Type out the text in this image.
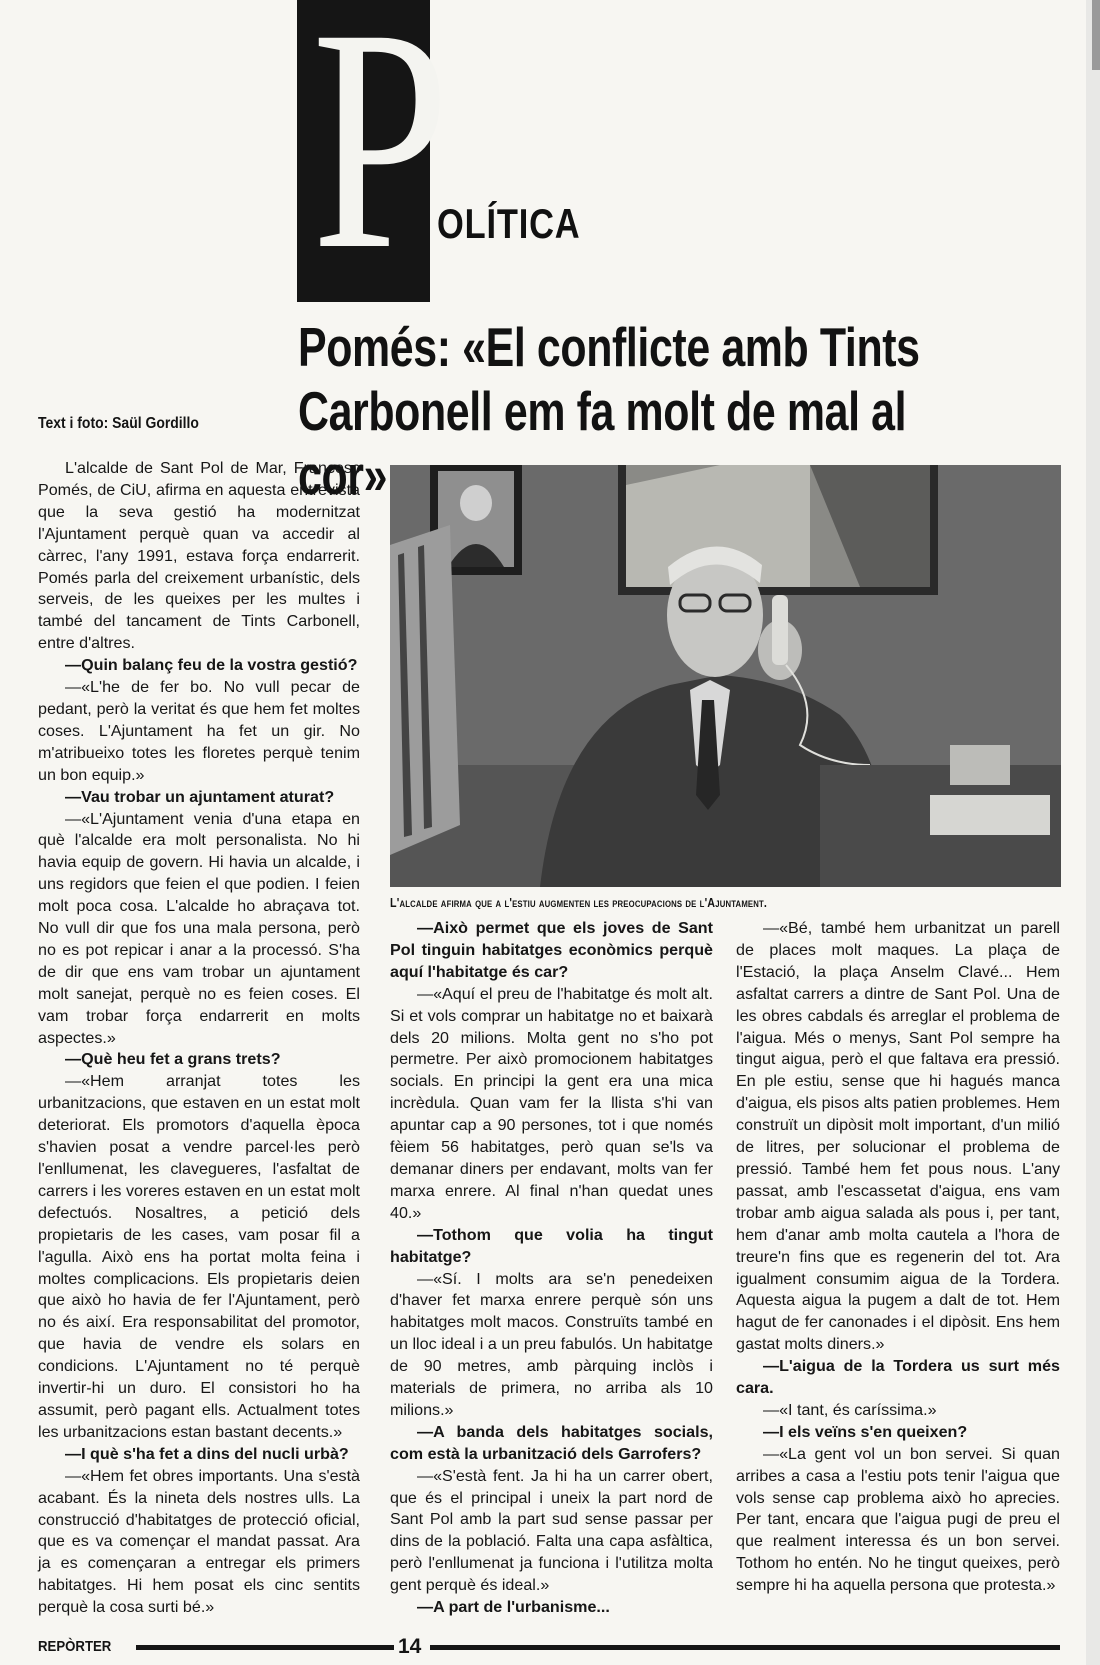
P
OLÍTICA
Pomés: «El conflicte amb Tints
Carbonell em fa molt de mal al cor»
Text i foto: Saül Gordillo
L'alcalde afirma que a l'estiu augmenten les preocupacions de l'Ajuntament.

L'alcalde de Sant Pol de Mar, Francesc Pomés, de CiU, afirma en aquesta entrevista que la seva gestió ha modernitzat l'Ajuntament perquè quan va accedir al càrrec, l'any 1991, estava força endarrerit. Pomés parla del creixement urbanístic, dels serveis, de les queixes per les multes i també del tancament de Tints Carbonell, entre d'altres.

—Quin balanç feu de la vostra gestió?

—«L'he de fer bo. No vull pecar de pedant, però la veritat és que hem fet moltes coses. L'Ajuntament ha fet un gir. No m'atribueixo totes les floretes perquè tenim un bon equip.»

—Vau trobar un ajuntament aturat?

—«L'Ajuntament venia d'una etapa en què l'alcalde era molt personalista. No hi havia equip de govern. Hi havia un alcalde, i uns regidors que feien el que podien. I feien molt poca cosa. L'alcalde ho abraçava tot. No vull dir que fos una mala persona, però no es pot repicar i anar a la processó. S'ha de dir que ens vam trobar un ajuntament molt sanejat, perquè no es feien coses. El vam trobar força endarrerit en molts aspectes.»

—Què heu fet a grans trets?

—«Hem arranjat totes les urbanitzacions, que estaven en un estat molt deteriorat. Els promotors d'aquella època s'havien posat a vendre parcel·les però l'enllumenat, les clavegueres, l'asfaltat de carrers i les voreres estaven en un estat molt defectuós. Nosaltres, a petició dels propietaris de les cases, vam posar fil a l'agulla. Això ens ha portat molta feina i moltes complicacions. Els propietaris deien que això ho havia de fer l'Ajuntament, però no és així. Era responsabilitat del promotor, que havia de vendre els solars en condicions. L'Ajuntament no té perquè invertir-hi un duro. El consistori ho ha assumit, però pagant ells. Actualment totes les urbanitzacions estan bastant decents.»

—I què s'ha fet a dins del nucli urbà?

—«Hem fet obres importants. Una s'està acabant. És la nineta dels nostres ulls. La construcció d'habitatges de protecció oficial, que es va començar el mandat passat. Ara ja es començaran a entregar els primers habitatges. Hi hem posat els cinc sentits perquè la cosa surti bé.»

—Això permet que els joves de Sant Pol tinguin habitatges econòmics perquè aquí l'habitatge és car?

—«Aquí el preu de l'habitatge és molt alt. Si et vols comprar un habitatge no et baixarà dels 20 milions. Molta gent no s'ho pot permetre. Per això promocionem habitatges socials. En principi la gent era una mica incrèdula. Quan vam fer la llista s'hi van apuntar cap a 90 persones, tot i que només fèiem 56 habitatges, però quan se'ls va demanar diners per endavant, molts van fer marxa enrere. Al final n'han quedat unes 40.»

—Tothom que volia ha tingut habitatge?

—«Sí. I molts ara se'n penedeixen d'haver fet marxa enrere perquè són uns habitatges molt macos. Construïts també en un lloc ideal i a un preu fabulós. Un habitatge de 90 metres, amb pàrquing inclòs i materials de primera, no arriba als 10 milions.»

—A banda dels habitatges socials, com està la urbanització dels Garrofers?

—«S'està fent. Ja hi ha un carrer obert, que és el principal i uneix la part nord de Sant Pol amb la part sud sense passar per dins de la població. Falta una capa asfàltica, però l'enllumenat ja funciona i l'utilitza molta gent perquè és ideal.»

—A part de l'urbanisme...

—«Bé, també hem urbanitzat un parell de places molt maques. La plaça de l'Estació, la plaça Anselm Clavé... Hem asfaltat carrers a dintre de Sant Pol. Una de les obres cabdals és arreglar el problema de l'aigua. Més o menys, Sant Pol sempre ha tingut aigua, però el que faltava era pressió. En ple estiu, sense que hi hagués manca d'aigua, els pisos alts patien problemes. Hem construït un dipòsit molt important, d'un milió de litres, per solucionar el problema de pressió. També hem fet pous nous. L'any passat, amb l'escassetat d'aigua, ens vam trobar amb aigua salada als pous i, per tant, hem d'anar amb molta cautela a l'hora de treure'n fins que es regenerin del tot. Ara igualment consumim aigua de la Tordera. Aquesta aigua la pugem a dalt de tot. Hem hagut de fer canonades i el dipòsit. Ens hem gastat molts diners.»

—L'aigua de la Tordera us surt més cara.

—«I tant, és caríssima.»

—I els veïns s'en queixen?

—«La gent vol un bon servei. Si quan arribes a casa a l'estiu pots tenir l'aigua que vols sense cap problema això ho aprecies. Per tant, encara que l'aigua pugi de preu el que realment interessa és un bon servei. Tothom ho entén. No he tingut queixes, però sempre hi ha aquella persona que protesta.»

REPÒRTER	14
